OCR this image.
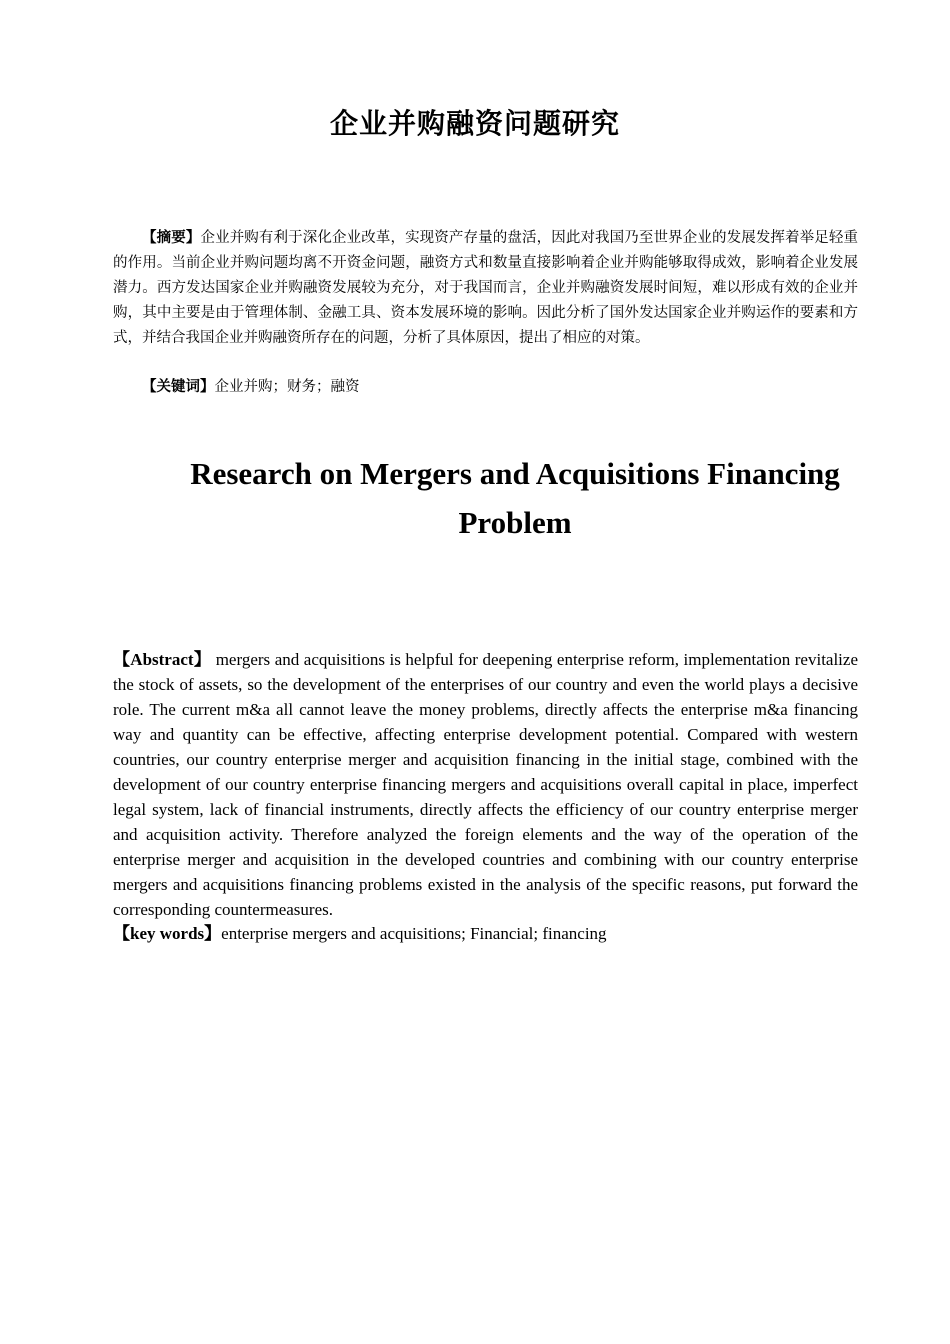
企业并购融资问题研究

【摘要】企业并购有利于深化企业改革，实现资产存量的盘活，因此对我国乃至世界企业的发展发挥着举足轻重的作用。当前企业并购问题均离不开资金问题，融资方式和数量直接影响着企业并购能够取得成效，影响着企业发展潜力。西方发达国家企业并购融资发展较为充分，对于我国而言，企业并购融资发展时间短，难以形成有效的企业并购，其中主要是由于管理体制、金融工具、资本发展环境的影响。因此分析了国外发达国家企业并购运作的要素和方式，并结合我国企业并购融资所存在的问题，分析了具体原因，提出了相应的对策。

【关键词】企业并购；财务；融资

Research on Mergers and Acquisitions Financing Problem

【Abstract】 mergers and acquisitions is helpful for deepening enterprise reform, implementation revitalize the stock of assets, so the development of the enterprises of our country and even the world plays a decisive role. The current m&a all cannot leave the money problems, directly affects the enterprise m&a financing way and quantity can be effective, affecting enterprise development potential. Compared with western countries, our country enterprise merger and acquisition financing in the initial stage, combined with the development of our country enterprise financing mergers and acquisitions overall capital in place, imperfect legal system, lack of financial instruments, directly affects the efficiency of our country enterprise merger and acquisition activity. Therefore analyzed the foreign elements and the way of the operation of the enterprise merger and acquisition in the developed countries and combining with our country enterprise mergers and acquisitions financing problems existed in the analysis of the specific reasons, put forward the corresponding countermeasures.

【key words】enterprise mergers and acquisitions; Financial; financing
